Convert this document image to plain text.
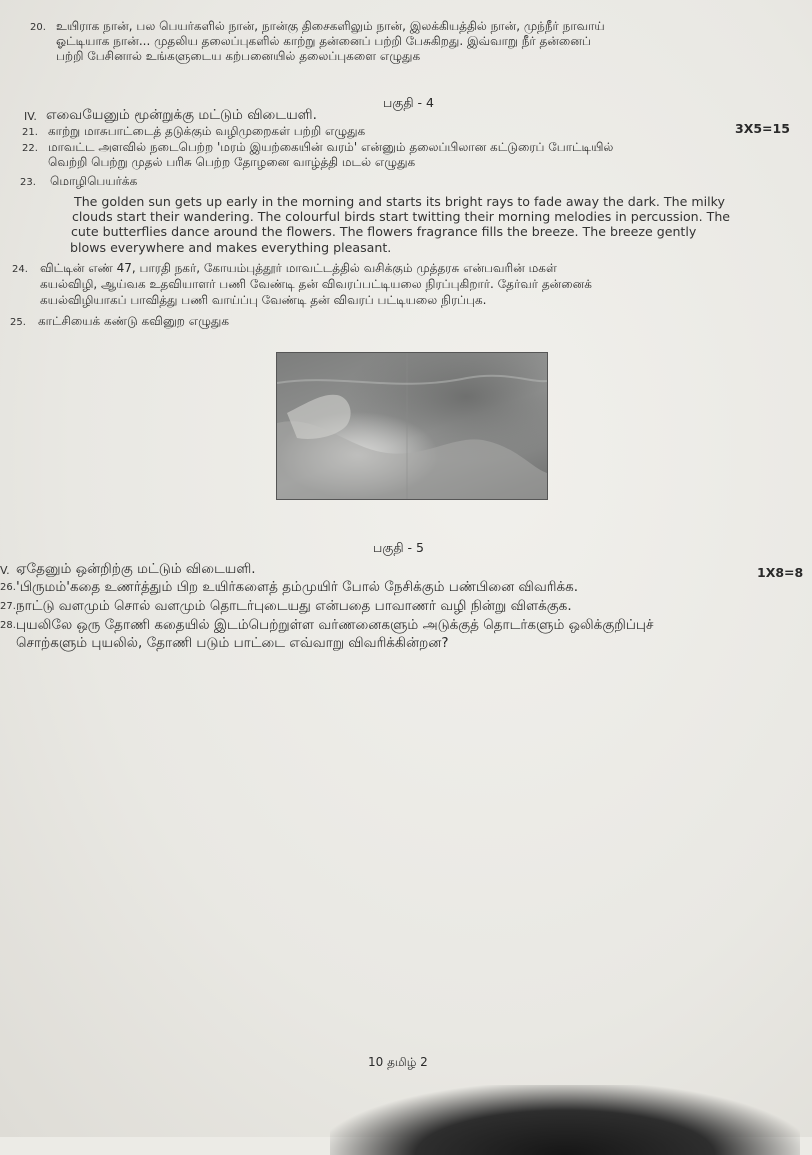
20. உயிராக நான், பல பெயர்களில் நான், நான்கு திசைகளிலும் நான், இலக்கியத்தில் நான், முந்நீர் நாவாய்
ஓட்டியாக நான்... முதலிய தலைப்புகளில் காற்று தன்னைப் பற்றி பேசுகிறது. இவ்வாறு நீர் தன்னைப்
பற்றி பேசினால் உங்களுடைய கற்பனையில் தலைப்புகளை எழுதுக
பகுதி - 4
IV. எவையேனும் மூன்றுக்கு மட்டும் விடையளி.
3X5=15
21. காற்று மாசுபாட்டைத் தடுக்கும் வழிமுறைகள் பற்றி எழுதுக
22. மாவட்ட அளவில் நடைபெற்ற 'மரம் இயற்கையின் வரம்' என்னும் தலைப்பிலான கட்டுரைப் போட்டியில்
வெற்றி பெற்று முதல் பரிசு பெற்ற தோழனை வாழ்த்தி மடல் எழுதுக
23. மொழிபெயர்க்க
The golden sun gets up early in the morning and starts its bright rays to fade away the dark. The milky
clouds start their wandering. The colourful birds start twitting their morning melodies in percussion. The
cute butterflies dance around the flowers. The flowers fragrance fills the breeze. The breeze gently
blows everywhere and makes everything pleasant.
24. விட்டின் எண் 47, பாரதி நகர், கோயம்புத்தூர் மாவட்டத்தில் வசிக்கும் முத்தரசு என்பவரின் மகள்
கயல்விழி, ஆய்வக உதவியாளர் பணி வேண்டி தன் விவரப்பட்டியலை நிரப்புகிறார். தேர்வர் தன்னைக்
கயல்விழியாகப் பாவித்து பணி வாய்ப்பு வேண்டி தன் விவரப் பட்டியலை நிரப்புக.
25. காட்சியைக் கண்டு கவினுற எழுதுக
பகுதி - 5
V. ஏதேனும் ஒன்றிற்கு மட்டும் விடையளி.	1X8=8
26. 'பிருமம்'கதை உணர்த்தும் பிற உயிர்களைத் தம்முயிர் போல் நேசிக்கும் பண்பினை விவரிக்க.
27. நாட்டு வளமும் சொல் வளமும் தொடர்புடையது என்பதை பாவாணர் வழி நின்று விளக்குக.
28. புயலிலே ஒரு தோணி கதையில் இடம்பெற்றுள்ள வர்ணனைகளும் அடுக்குத் தொடர்களும் ஒலிக்குறிப்புச்
சொற்களும் புயலில், தோணி படும் பாட்டை எவ்வாறு விவரிக்கின்றன?
10 தமிழ் 2
